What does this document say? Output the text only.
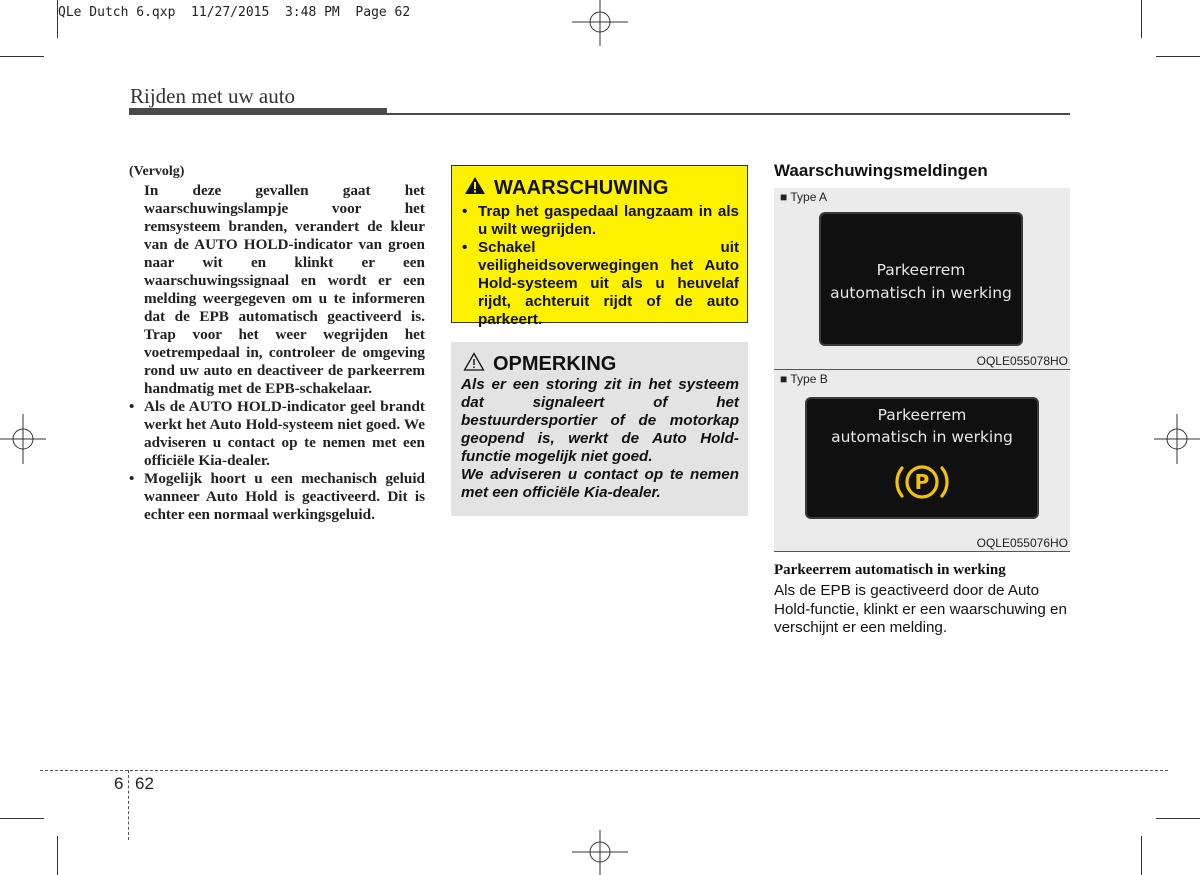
QLe Dutch 6.qxp  11/27/2015  3:48 PM  Page 62
Rijden met uw auto

(Vervolg)

In deze gevallen gaat het waarschuwingslampje voor het remsysteem branden, verandert de kleur van de AUTO HOLD-indicator van groen naar wit en klinkt er een waarschuwingssignaal en wordt er een melding weergegeven om u te informeren dat de EPB automatisch geactiveerd is. Trap voor het weer wegrijden het voetrempedaal in, controleer de omgeving rond uw auto en deactiveer de parkeerrem handmatig met de EPB-schakelaar.

• Als de AUTO HOLD-indicator geel brandt werkt het Auto Hold-systeem niet goed. We adviseren u contact op te nemen met een officiële Kia-dealer.
• Mogelijk hoort u een mechanisch geluid wanneer Auto Hold is geactiveerd. Dit is echter een normaal werkingsgeluid.
WAARSCHUWING
• Trap het gaspedaal langzaam in als u wilt wegrijden.
• Schakel uit veiligheidsoverwegingen het Auto Hold-systeem uit als u heuvelaf rijdt, achteruit rijdt of de auto parkeert.
OPMERKING

Als er een storing zit in het systeem dat signaleert of het bestuurdersportier of de motorkap geopend is, werkt de Auto Hold-functie mogelijk niet goed.

We adviseren u contact op te nemen met een officiële Kia-dealer.

Waarschuwingsmeldingen
■ Type A
Parkeerrem
automatisch in werking
OQLE055078HO
■ Type B
Parkeerrem
automatisch in werking
P
OQLE055076HO
Parkeerrem automatisch in werking
Als de EPB is geactiveerd door de Auto Hold-functie, klinkt er een waarschuwing en verschijnt er een melding.
6 62
